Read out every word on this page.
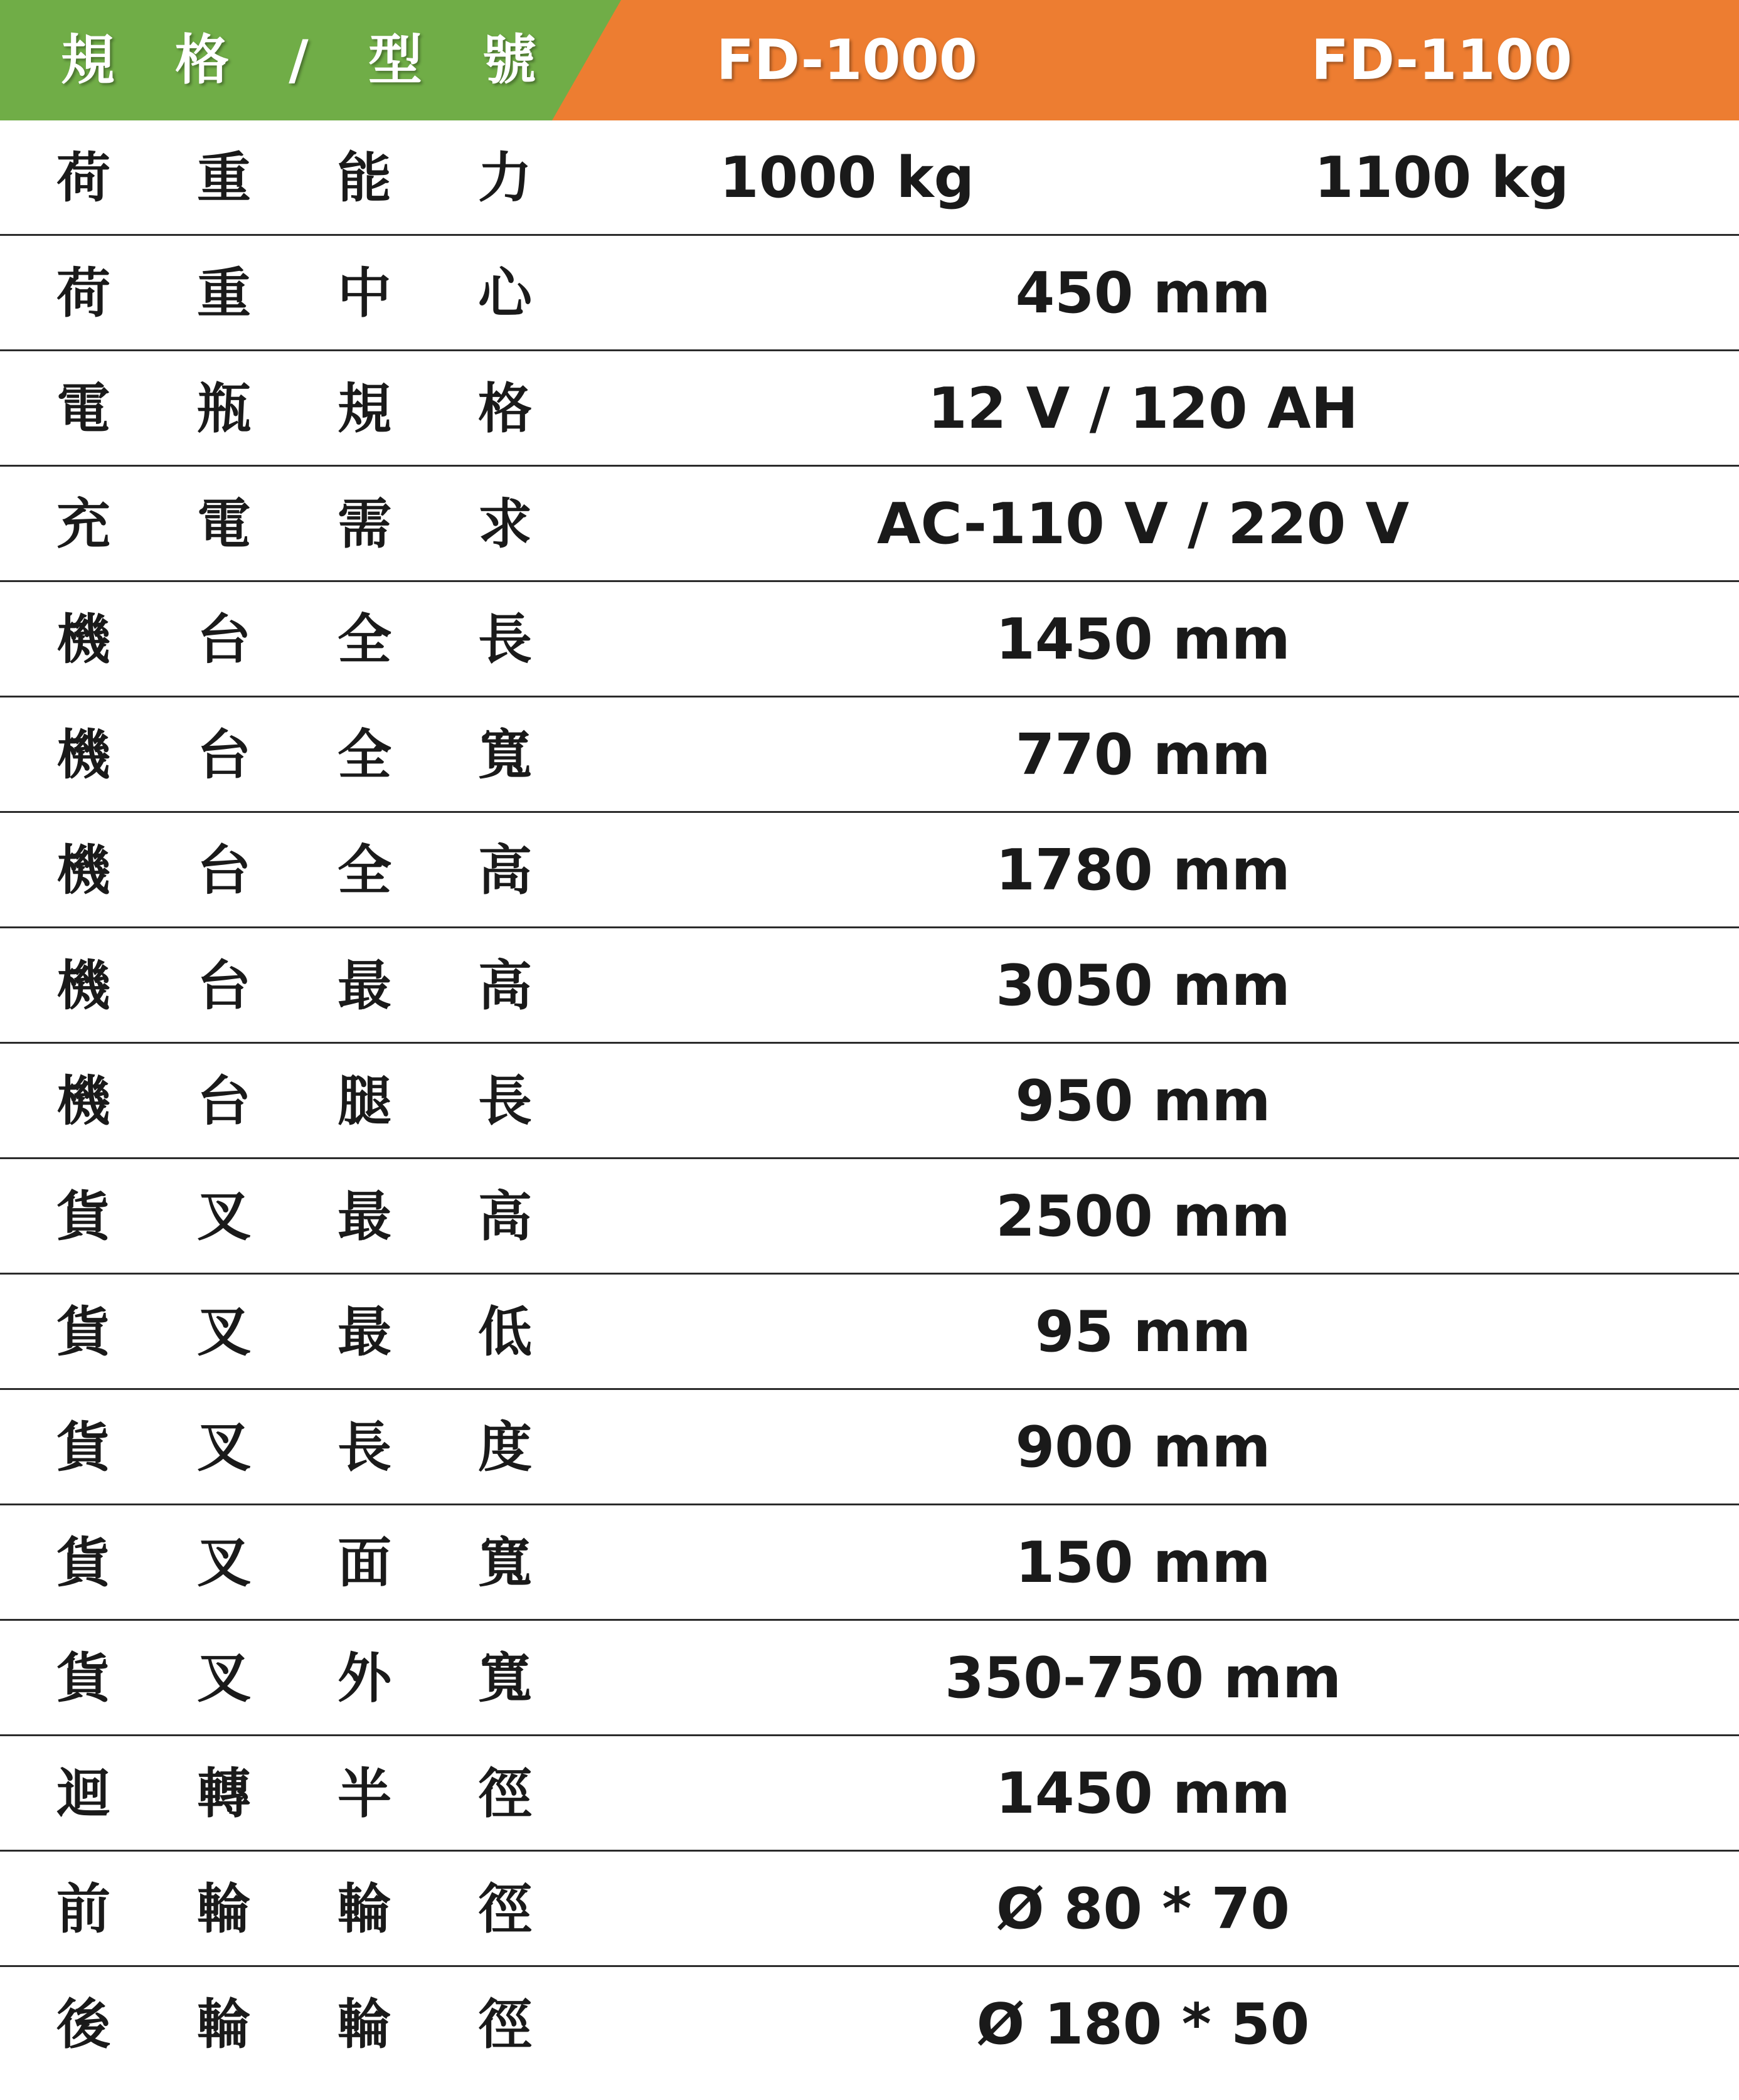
規 格 / 型 號	FD-1000	FD-1100
荷 重 能 力	1000 kg	1100 kg
荷 重 中 心	450 mm
電 瓶 規 格	12 V / 120 AH
充 電 需 求	AC-110 V / 220 V
機 台 全 長	1450 mm
機 台 全 寬	770 mm
機 台 全 高	1780 mm
機 台 最 高	3050 mm
機 台 腿 長	950 mm
貨 叉 最 高	2500 mm
貨 叉 最 低	95 mm
貨 叉 長 度	900 mm
貨 叉 面 寬	150 mm
貨 叉 外 寬	350-750 mm
迴 轉 半 徑	1450 mm
前 輪 輪 徑	Ø 80 * 70
後 輪 輪 徑	Ø 180 * 50
